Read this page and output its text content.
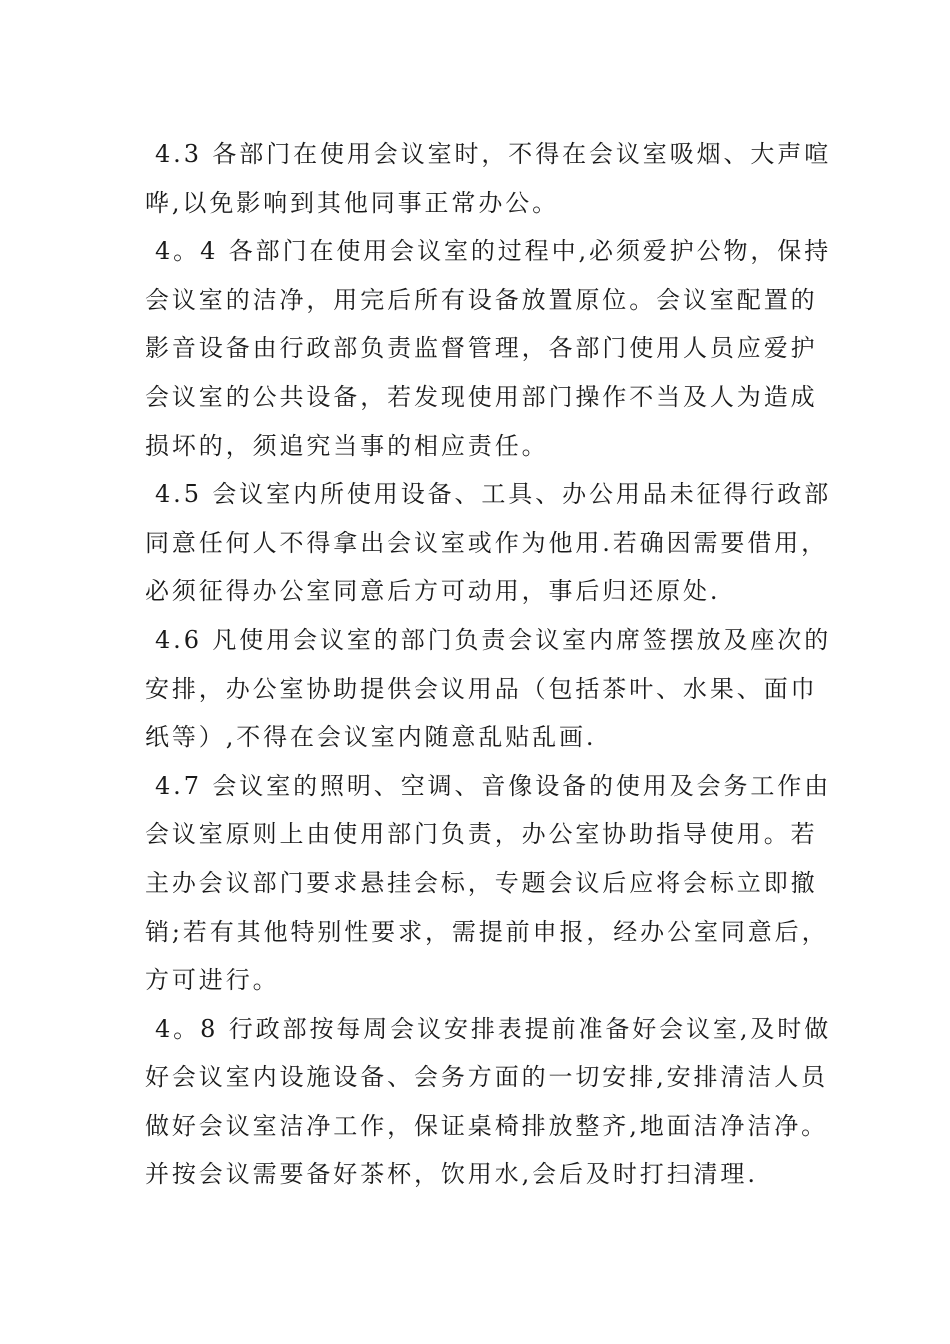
4.3 各部门在使用会议室时，不得在会议室吸烟、大声喧
哗,以免影响到其他同事正常办公。
4。4 各部门在使用会议室的过程中,必须爱护公物，保持
会议室的洁净，用完后所有设备放置原位。会议室配置的
影音设备由行政部负责监督管理，各部门使用人员应爱护
会议室的公共设备，若发现使用部门操作不当及人为造成
损坏的，须追究当事的相应责任。
4.5 会议室内所使用设备、工具、办公用品未征得行政部
同意任何人不得拿出会议室或作为他用.若确因需要借用，
必须征得办公室同意后方可动用，事后归还原处.
4.6 凡使用会议室的部门负责会议室内席签摆放及座次的
安排，办公室协助提供会议用品（包括茶叶、水果、面巾
纸等）,不得在会议室内随意乱贴乱画.
4.7 会议室的照明、空调、音像设备的使用及会务工作由
会议室原则上由使用部门负责，办公室协助指导使用。若
主办会议部门要求悬挂会标，专题会议后应将会标立即撤
销;若有其他特别性要求，需提前申报，经办公室同意后，
方可进行。
4。8 行政部按每周会议安排表提前准备好会议室,及时做
好会议室内设施设备、会务方面的一切安排,安排清洁人员
做好会议室洁净工作，保证桌椅排放整齐,地面洁净洁净。
并按会议需要备好茶杯，饮用水,会后及时打扫清理.
